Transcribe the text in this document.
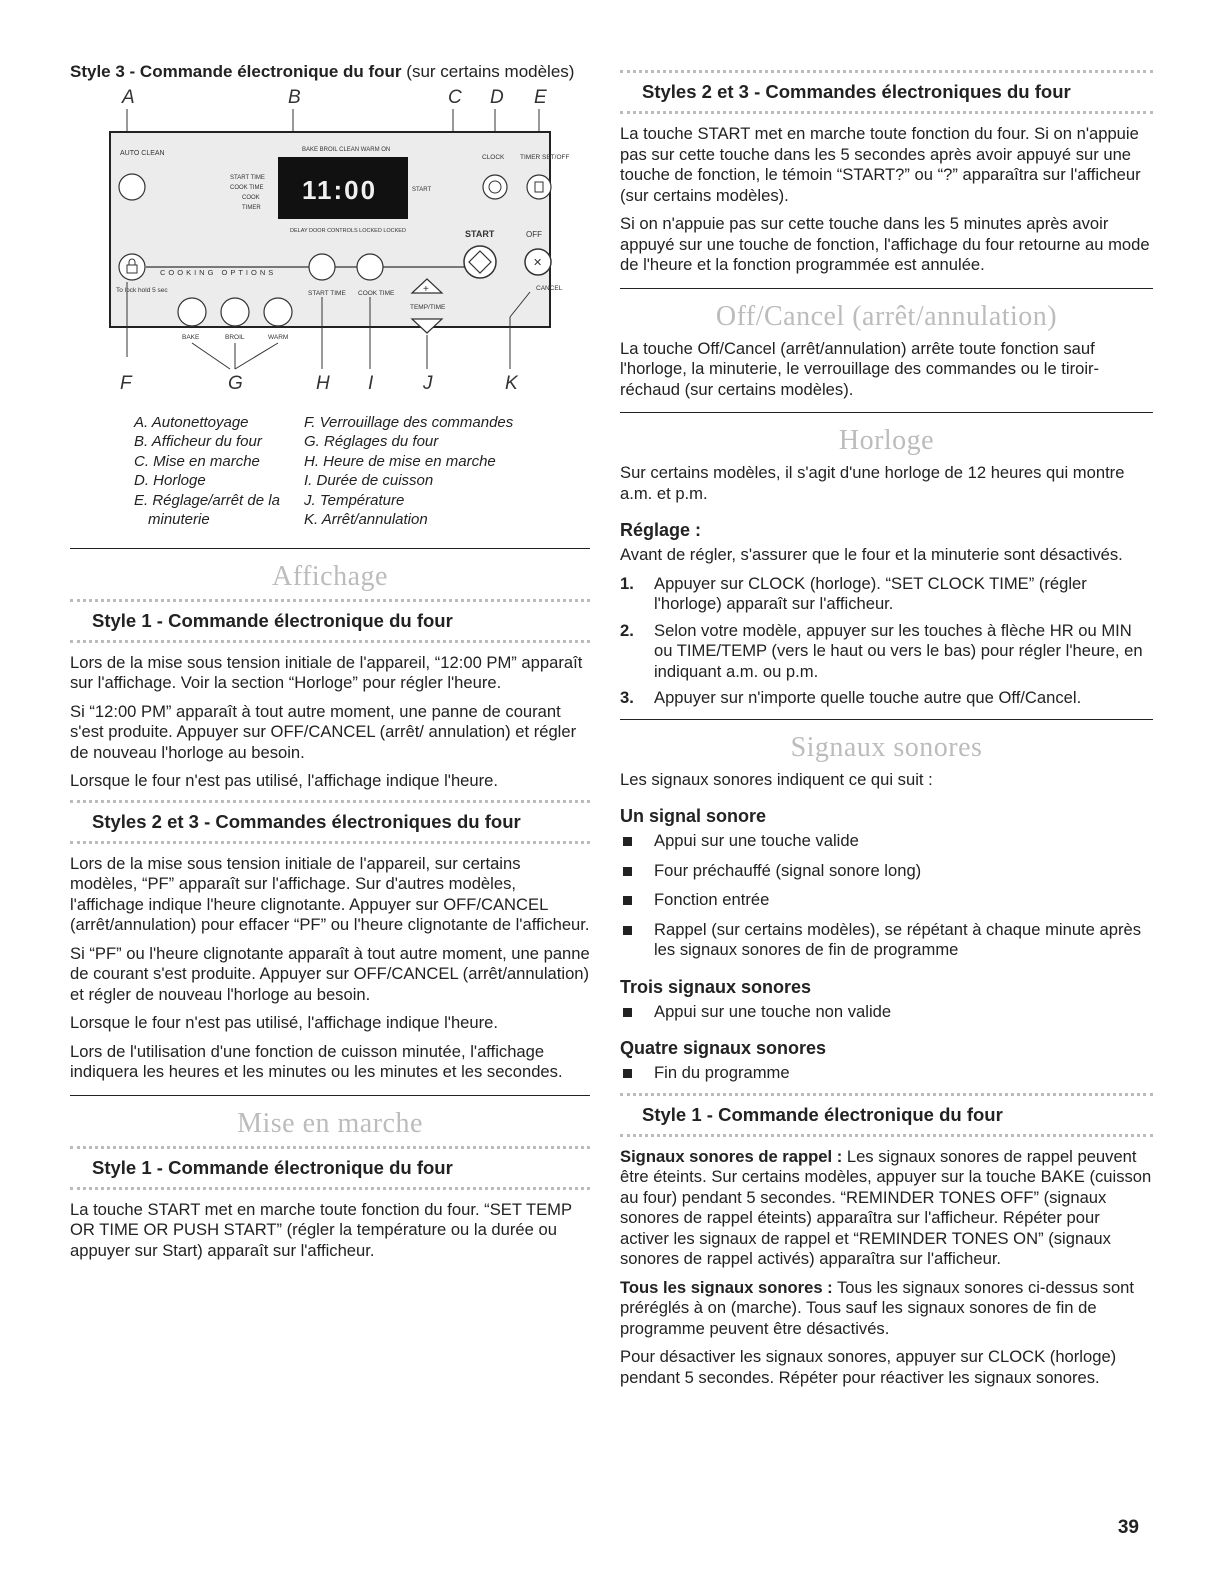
Style 3 - Commande électronique du four (sur certains modèles)
A	B	C D E
AUTO CLEAN	BAKE BROIL CLEAN WARM ON
11:00
START TIME
COOK TIME
COOK
TIMER
START
DELAY DOOR CONTROLS LOCKED LOCKED
CLOCK TIMER SET/OFF
START	OFF
✕
CANCEL
To lock hold 5 sec
COOKING OPTIONS
BAKE	BROIL	WARM
START TIME COOK TIME	+
TEMP/TIME
F	G	H I	J	K
A. Autonettoyage
B. Afficheur du four
C. Mise en marche
D. Horloge
E. Réglage/arrêt de la minuterie
F. Verrouillage des commandes
G. Réglages du four
H. Heure de mise en marche
I. Durée de cuisson
J. Température
K. Arrêt/annulation
Affichage
Style 1 - Commande électronique du four

Lors de la mise sous tension initiale de l'appareil, “12:00 PM” apparaît sur l'affichage. Voir la section “Horloge” pour régler l'heure.

Si “12:00 PM” apparaît à tout autre moment, une panne de courant s'est produite. Appuyer sur OFF/CANCEL (arrêt/ annulation) et régler de nouveau l'horloge au besoin.

Lorsque le four n'est pas utilisé, l'affichage indique l'heure.

Styles 2 et 3 - Commandes électroniques du four

Lors de la mise sous tension initiale de l'appareil, sur certains modèles, “PF” apparaît sur l'affichage. Sur d'autres modèles, l'affichage indique l'heure clignotante. Appuyer sur OFF/CANCEL (arrêt/annulation) pour effacer “PF” ou l'heure clignotante de l'afficheur.

Si “PF” ou l'heure clignotante apparaît à tout autre moment, une panne de courant s'est produite. Appuyer sur OFF/CANCEL (arrêt/annulation) et régler de nouveau l'horloge au besoin.

Lorsque le four n'est pas utilisé, l'affichage indique l'heure.

Lors de l'utilisation d'une fonction de cuisson minutée, l'affichage indiquera les heures et les minutes ou les minutes et les secondes.

Mise en marche
Style 1 - Commande électronique du four

La touche START met en marche toute fonction du four. “SET TEMP OR TIME OR PUSH START” (régler la température ou la durée ou appuyer sur Start) apparaît sur l'afficheur.

Styles 2 et 3 - Commandes électroniques du four

La touche START met en marche toute fonction du four. Si on n'appuie pas sur cette touche dans les 5 secondes après avoir appuyé sur une touche de fonction, le témoin “START?” ou “?” apparaîtra sur l'afficheur (sur certains modèles).

Si on n'appuie pas sur cette touche dans les 5 minutes après avoir appuyé sur une touche de fonction, l'affichage du four retourne au mode de l'heure et la fonction programmée est annulée.

Off/Cancel (arrêt/annulation)

La touche Off/Cancel (arrêt/annulation) arrête toute fonction sauf l'horloge, la minuterie, le verrouillage des commandes ou le tiroir-réchaud (sur certains modèles).

Horloge

Sur certains modèles, il s'agit d'une horloge de 12 heures qui montre a.m. et p.m.

Réglage :

Avant de régler, s'assurer que le four et la minuterie sont désactivés.

1. Appuyer sur CLOCK (horloge). “SET CLOCK TIME” (régler l'horloge) apparaît sur l'afficheur.
2. Selon votre modèle, appuyer sur les touches à flèche HR ou MIN ou TIME/TEMP (vers le haut ou vers le bas) pour régler l'heure, en indiquant a.m. ou p.m.
3. Appuyer sur n'importe quelle touche autre que Off/Cancel.
Signaux sonores

Les signaux sonores indiquent ce qui suit :

Un signal sonore
Appui sur une touche valide
Four préchauffé (signal sonore long)
Fonction entrée
Rappel (sur certains modèles), se répétant à chaque minute après les signaux sonores de fin de programme
Trois signaux sonores
Appui sur une touche non valide
Quatre signaux sonores
Fin du programme
Style 1 - Commande électronique du four

Signaux sonores de rappel : Les signaux sonores de rappel peuvent être éteints. Sur certains modèles, appuyer sur la touche BAKE (cuisson au four) pendant 5 secondes. “REMINDER TONES OFF” (signaux sonores de rappel éteints) apparaîtra sur l'afficheur. Répéter pour activer les signaux de rappel et “REMINDER TONES ON” (signaux sonores de rappel activés) apparaîtra sur l'afficheur.

Tous les signaux sonores : Tous les signaux sonores ci-dessus sont préréglés à on (marche). Tous sauf les signaux sonores de fin de programme peuvent être désactivés.

Pour désactiver les signaux sonores, appuyer sur CLOCK (horloge) pendant 5 secondes. Répéter pour réactiver les signaux sonores.

39
